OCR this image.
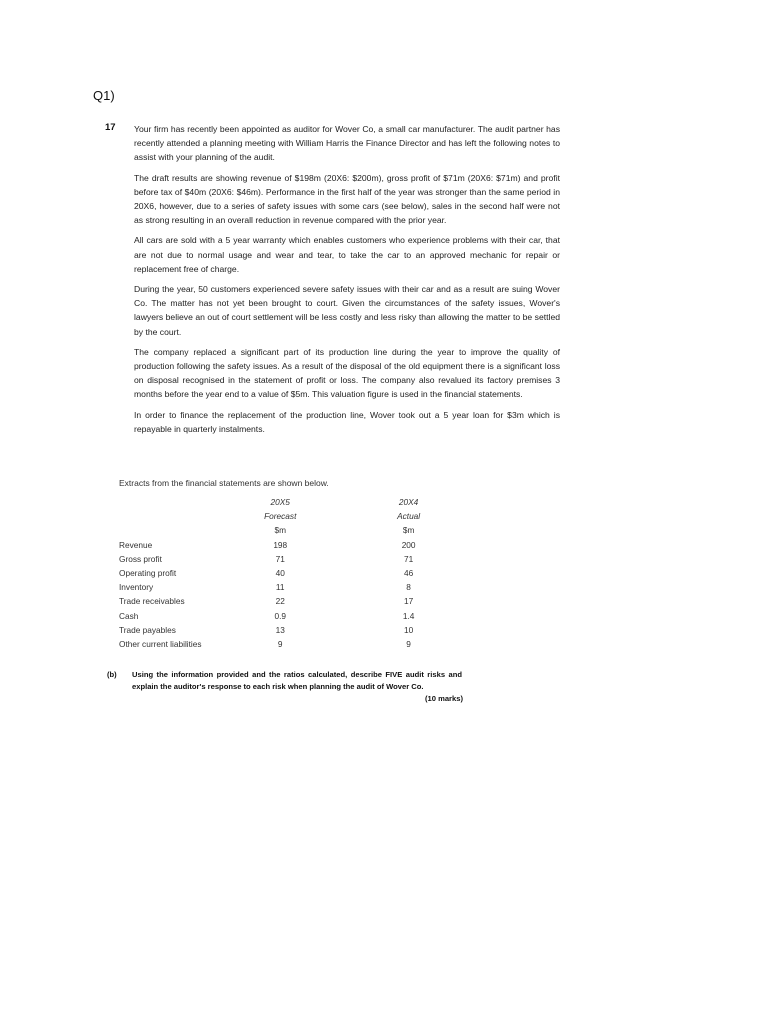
Q1)
17 Your firm has recently been appointed as auditor for Wover Co, a small car manufacturer. The audit partner has recently attended a planning meeting with William Harris the Finance Director and has left the following notes to assist with your planning of the audit.

The draft results are showing revenue of $198m (20X6: $200m), gross profit of $71m (20X6: $71m) and profit before tax of $40m (20X6: $46m). Performance in the first half of the year was stronger than the same period in 20X6, however, due to a series of safety issues with some cars (see below), sales in the second half were not as strong resulting in an overall reduction in revenue compared with the prior year.

All cars are sold with a 5 year warranty which enables customers who experience problems with their car, that are not due to normal usage and wear and tear, to take the car to an approved mechanic for repair or replacement free of charge.

During the year, 50 customers experienced severe safety issues with their car and as a result are suing Wover Co. The matter has not yet been brought to court. Given the circumstances of the safety issues, Wover's lawyers believe an out of court settlement will be less costly and less risky than allowing the matter to be settled by the court.

The company replaced a significant part of its production line during the year to improve the quality of production following the safety issues. As a result of the disposal of the old equipment there is a significant loss on disposal recognised in the statement of profit or loss. The company also revalued its factory premises 3 months before the year end to a value of $5m. This valuation figure is used in the financial statements.

In order to finance the replacement of the production line, Wover took out a 5 year loan for $3m which is repayable in quarterly instalments.

Extracts from the financial statements are shown below.

	20X5	20X4
	Forecast	Actual
	$m	$m
Revenue	198	200
Gross profit	71	71
Operating profit	40	46
Inventory	11	8
Trade receivables	22	17
Cash	0.9	1.4
Trade payables	13	10
Other current liabilities	9	9
(b) Using the information provided and the ratios calculated, describe FIVE audit risks and explain the auditor's response to each risk when planning the audit of Wover Co.
(10 marks)
